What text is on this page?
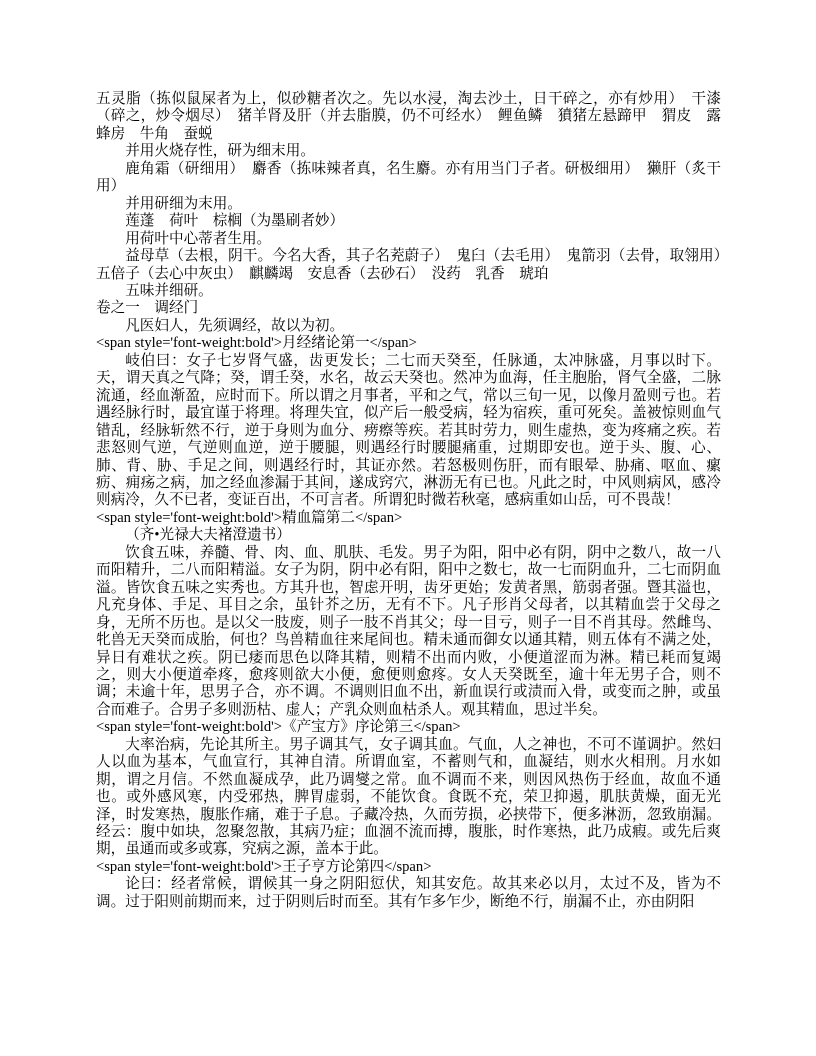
五灵脂（拣似鼠屎者为上，似砂糖者次之。先以水浸，淘去沙土，日干碎之，亦有炒用）　干漆（碎之，炒令烟尽）　猪羊肾及肝（并去脂膜，仍不可经水）　鲤鱼鳞　獖猪左悬蹄甲　猬皮　露蜂房　牛角　蚕蜕

并用火烧存性，研为细末用。

鹿角霜（研细用）　麝香（拣味辣者真，名生麝。亦有用当门子者。研极细用）　獭肝（炙干用）

并用研细为末用。

莲蓬　荷叶　棕榈（为墨刷者妙）

用荷叶中心蒂者生用。

益母草（去根，阴干。今名大香，其子名茺蔚子）　鬼臼（去毛用）　鬼箭羽（去骨，取翎用）　五倍子（去心中灰虫）　麒麟竭　安息香（去砂石）　没药　乳香　琥珀

五味并细研。

卷之一　调经门

凡医妇人，先须调经，故以为初。

<span style='font-weight:bold'>月经绪论第一</span>

岐伯曰：女子七岁肾气盛，齿更发长；二七而天癸至，任脉通，太冲脉盛，月事以时下。天，谓天真之气降；癸，谓壬癸，水名，故云天癸也。然冲为血海，任主胞胎，肾气全盛，二脉流通，经血渐盈，应时而下。所以谓之月事者，平和之气，常以三旬一见，以像月盈则亏也。若遇经脉行时，最宜谨于将理。将理失宜，似产后一般受病，轻为宿疾，重可死矣。盖被惊则血气错乱，经脉斩然不行，逆于身则为血分、痨瘵等疾。若其时劳力，则生虚热，变为疼痛之疾。若悲怒则气逆，气逆则血逆，逆于腰腿，则遇经行时腰腿痛重，过期即安也。逆于头、腹、心、肺、背、胁、手足之间，则遇经行时，其证亦然。若怒极则伤肝，而有眼晕、胁痛、呕血、瘰疬、痈疡之病，加之经血渗漏于其间，遂成窍穴，淋沥无有已也。凡此之时，中风则病风，感冷则病冷，久不已者，变证百出，不可言者。所谓犯时微若秋毫，感病重如山岳，可不畏哉！

<span style='font-weight:bold'>精血篇第二</span>

（齐•光禄大夫褚澄遗书）

饮食五味，养髓、骨、肉、血、肌肤、毛发。男子为阳，阳中必有阴，阴中之数八，故一八而阳精升，二八而阳精溢。女子为阴，阴中必有阳，阳中之数七，故一七而阴血升，二七而阴血溢。皆饮食五味之实秀也。方其升也，智虑开明，齿牙更始；发黄者黑，筋弱者强。暨其溢也，凡充身体、手足、耳目之余，虽针芥之历，无有不下。凡子形肖父母者，以其精血尝于父母之身，无所不历也。是以父一肢废，则子一肢不肖其父；母一目亏，则子一目不肖其母。然雌鸟、牝兽无天癸而成胎，何也？鸟兽精血往来尾间也。精未通而御女以通其精，则五体有不满之处，异日有难状之疾。阴已痿而思色以降其精，则精不出而内败，小便道涩而为淋。精已耗而复竭之，则大小便道牵疼，愈疼则欲大小便，愈便则愈疼。女人天癸既至，逾十年无男子合，则不调；未逾十年，思男子合，亦不调。不调则旧血不出，新血误行或渍而入骨，或变而之肿，或虽合而难子。合男子多则沥枯、虚人；产乳众则血枯杀人。观其精血，思过半矣。

<span style='font-weight:bold'>《产宝方》序论第三</span>

大率治病，先论其所主。男子调其气，女子调其血。气血，人之神也，不可不谨调护。然妇人以血为基本，气血宣行，其神自清。所谓血室，不蓄则气和，血凝结，则水火相刑。月水如期，谓之月信。不然血凝成孕，此乃调燮之常。血不调而不来，则因风热伤于经血，故血不通也。或外感风寒，内受邪热，脾胃虚弱，不能饮食。食既不充，荣卫抑遏，肌肤黄燥，面无光泽，时发寒热，腹胀作痛，难于子息。子藏冷热，久而劳损，必挟带下，便多淋沥，忽致崩漏。经云：腹中如块，忽聚忽散，其病乃症；血涸不流而搏，腹胀，时作寒热，此乃成瘕。或先后爽期，虽通而或多或寡，究病之源，盖本于此。

<span style='font-weight:bold'>王子亨方论第四</span>

论曰：经者常候，谓候其一身之阴阳愆伏，知其安危。故其来必以月，太过不及，皆为不调。过于阳则前期而来，过于阴则后时而至。其有乍多乍少，断绝不行，崩漏不止，亦由阴阳
